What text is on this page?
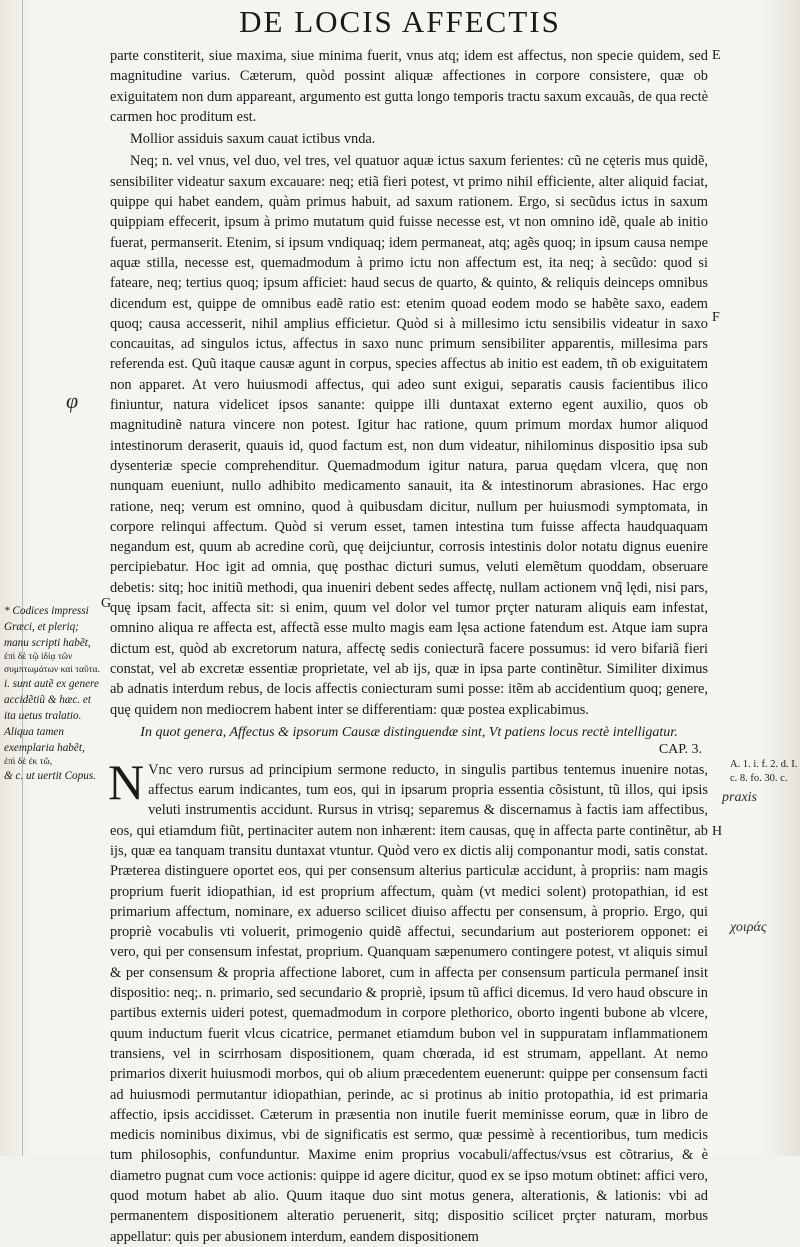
DE LOCIS AFFECTIS

parte constiterit, siue maxima, siue minima fuerit, vnus atq; idem est affectus, non specie quidem, sed magnitudine varius. Cæterum, quòd possint aliquæ affectiones in corpore consistere, quæ ob exiguitatem non dum appareant, argumento est gutta longo temporis tractu saxum excauãs, de qua rectè carmen hoc proditum est.

Mollior assiduis saxum cauat ictibus vnda.

Neq; n. vel vnus, vel duo, vel tres, vel quatuor aquæ ictus saxum ferientes: cũ ne cęteris mus quidẽ, sensibiliter videatur saxum excauare: neq; etiã fieri potest, vt primo nihil efficiente, alter aliquid faciat, quippe qui habet eandem, quàm primus habuit, ad saxum rationem. Ergo, si secũdus ictus in saxum quippiam effecerit, ipsum à primo mutatum quid fuisse necesse est, vt non omnino idẽ, quale ab initio fuerat, permanserit. Etenim, si ipsum vndiquaq; idem permaneat, atq; agẽs quoq; in ipsum causa nempe aquæ stilla, necesse est, quemadmodum à primo ictu non affectum est, ita neq; à secũdo: quod si fateare, neq; tertius quoq; ipsum afficiet: haud secus de quarto, & quinto, & reliquis deinceps omnibus dicendum est, quippe de omnibus eadẽ ratio est: etenim quoad eodem modo se habẽte saxo, eadem quoq; causa accesserit, nihil amplius efficietur. Quòd si à millesimo ictu sensibilis videatur in saxo concauitas, ad singulos ictus, affectus in saxo nunc primum sensibiliter apparentis, millesima pars referenda est. Quũ itaque causæ agunt in corpus, species affectus ab initio est eadem, tñ ob exiguitatem non apparet. At vero huiusmodi affectus, qui adeo sunt exigui, separatis causis facientibus ilico finiuntur, natura videlicet ipsos sanante: quippe illi duntaxat externo egent auxilio, quos ob magnitudinẽ natura vincere non potest. Igitur hac ratione, quum primum mordax humor aliquod intestinorum deraserit, quauis id, quod factum est, non dum videatur, nihilominus dispositio ipsa sub dysenteriæ specie comprehenditur. Quemadmodum igitur natura, parua quędam vlcera, quę non nunquam eueniunt, nullo adhibito medicamento sanauit, ita & intestinorum abrasiones. Hac ergo ratione, neq; verum est omnino, quod à quibusdam dicitur, nullum per huiusmodi symptomata, in corpore relinqui affectum. Quòd si verum esset, tamen intestina tum fuisse affecta haudquaquam negandum est, quum ab acredine corũ, quę deijciuntur, corrosis intestinis dolor notatu dignus euenire percipiebatur. Hoc igit ad omnia, quę posthac dicturi sumus, veluti elemẽtum quoddam, obseruare debetis: sitq; hoc initiũ methodi, qua inueniri debent sedes affectę, nullam actionem vnq̃ lędi, nisi pars, quę ipsam facit, affecta sit: si enim, quum vel dolor vel tumor prçter naturam aliquis eam infestat, omnino aliqua re affecta est, affectã esse multo magis eam lęsa actione fatendum est. Atque iam supra dictum est, quòd ab excretorum natura, affectę sedis coniecturã facere possumus: id vero bifariã fieri constat, vel ab excretæ essentiæ proprietate, vel ab ijs, quæ in ipsa parte continẽtur. Similiter diximus ab adnatis interdum rebus, de locis affectis coniecturam sumi posse: itẽm ab accidentium quoq; genere, quę quidem non mediocrem habent inter se differentiam: quæ postea explicabimus.

In quot genera, Affectus & ipsorum Causæ distinguendæ sint, Vt patiens locus rectè intelligatur.
CAP. 3.

N Vnc vero rursus ad principium sermone reducto, in singulis partibus tentemus inuenire notas, affectus earum indicantes, tum eos, qui in ipsarum propria essentia cõsistunt, tũ illos, qui ipsis veluti instrumentis accidunt. Rursus in vtrisq; separemus & discernamus à factis iam affectibus, eos, qui etiamdum fiũt, pertinaciter autem non inhærent: item causas, quę in affecta parte continẽtur, ab ijs, quæ ea tanquam transitu duntaxat vtuntur. Quòd vero ex dictis alij componantur modi, satis constat. Præterea distinguere oportet eos, qui per consensum alterius particulæ accidunt, à propriis: nam magis proprium fuerit idiopathian, id est proprium affectum, quàm (vt medici solent) protopathian, id est primarium affectum, nominare, ex aduerso scilicet diuiso affectu per consensum, à proprio. Ergo, qui propriè vocabulis vti voluerit, primogenio quidẽ affectui, secundarium aut posteriorem opponet: ei vero, qui per consensum infestat, proprium. Quanquam sæpenumero contingere potest, vt aliquis simul & per consensum & propria affectione laboret, cum in affecta per consensum particula permaneſ insit dispositio: neq;. n. primario, sed secundario & propriè, ipsum tũ affici dicemus. Id vero haud obscure in partibus externis uideri potest, quemadmodum in corpore plethorico, oborto ingenti bubone ab vlcere, quum inductum fuerit vlcus cicatrice, permanet etiamdum bubon vel in suppuratam inflammationem transiens, vel in scirrhosam dispositionem, quam chœrada, id est strumam, appellant. At nemo primarios dixerit huiusmodi morbos, qui ob alium præcedentem euenerunt: quippe per consensum facti ad huiusmodi permutantur idiopathian, perinde, ac si protinus ab initio protopathia, id est primaria affectio, ipsis accidisset. Cæterum in præsentia non inutile fuerit meminisse eorum, quæ in libro de medicis nominibus diximus, vbi de significatis est sermo, quæ pessimè à recentioribus, tum medicis tum philosophis, confunduntur. Maxime enim proprius vocabuli/affectus/vsus est cõtrarius, & è diametro pugnat cum voce actionis: quippe id agere dicitur, quod ex se ipso motum obtinet: affici vero, quod motum habet ab alio. Quum itaque duo sint motus genera, alterationis, & lationis: vbi ad permanentem dispositionem alteratio peruenerit, sitq; dispositio scilicet prçter naturam, morbus appellatur: quis per abusionem interdum, eandem dispositionem

E
F
G
H
* Codices impressi Græci, et pleriq; manu scripti habẽt,
ἐπὶ δὲ τῷ ἰδίᾳ τῶν συμπτωμάτων καὶ ταῦτα.
i. sunt autẽ ex genere accidẽtiũ & hæc. et ita uetus tralatio. Aliqua tamen exemplaria habẽt,
ἐπὶ δὲ ἐκ τῶ,
& c. ut uertit Copus.
A. 1. i. f. 2. d. I. c. 8. fo. 30. c.
φ
praxis
χοιράς
